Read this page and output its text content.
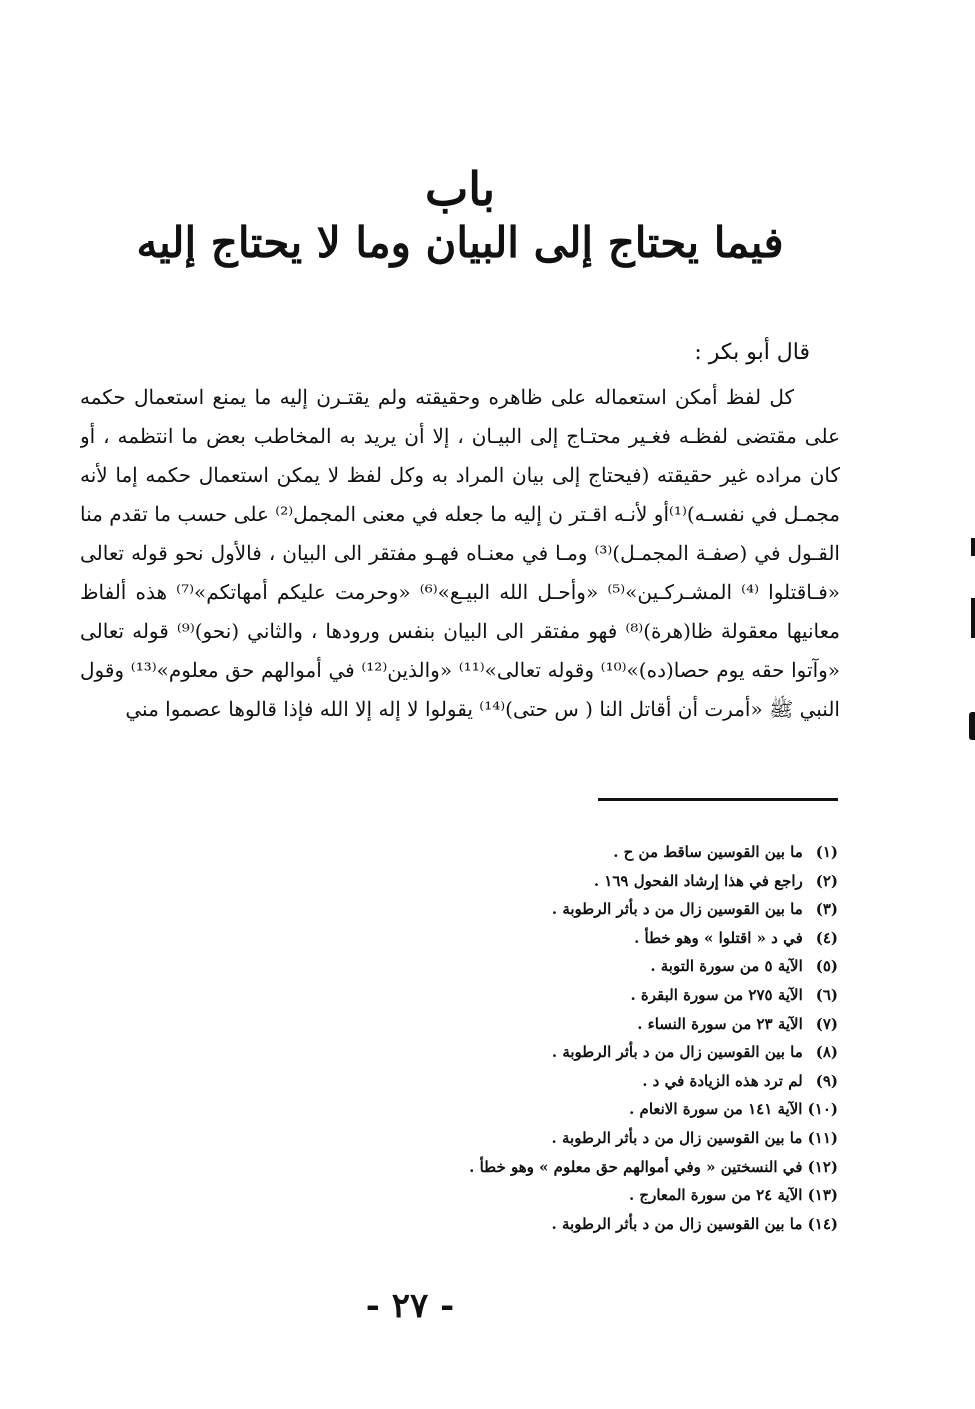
باب
فيما يحتاج إلى البيان وما لا يحتاج إليه
قال أبو بكر :
كل لفظ أمكن استعماله على ظاهره وحقيقته ولم يقتـرن إليه ما يمنع استعمال حكمه
على مقتضى لفظـه فغـير محتـاج إلى البيـان ، إلا أن يريد به المخاطب بعض ما انتظمه ، أو
كان مراده غير حقيقته (فيحتاج إلى بيان المراد به وكل لفظ لا يمكن استعمال حكمه إما لأنه
مجمـل في نفسـه)⁽¹⁾أو لأنـه اقـتر ن إليه ما جعله في معنى المجمل⁽²⁾ على حسب ما تقدم منا
القـول في (صفـة المجمـل)⁽³⁾ ومـا في معنـاه فهـو مفتقر الى البيان ، فالأول نحو قوله تعالى
«فـاقتلوا ⁽⁴⁾ المشـركـين»⁽⁵⁾ «وأحـل الله البيـع»⁽⁶⁾ «وحرمت عليكم أمهاتكم»⁽⁷⁾ هذه ألفاظ
معانيها معقولة ظا(هرة)⁽⁸⁾ فهو مفتقر الى البيان بنفس ورودها ، والثاني (نحو)⁽⁹⁾ قوله تعالى
«وآتوا حقه يوم حصا(ده)»⁽¹⁰⁾ وقوله تعالى»⁽¹¹⁾ «والذين⁽¹²⁾ في أموالهم حق معلوم»⁽¹³⁾ وقول
النبي ﷺ «أمرت أن أقاتل النا ( س حتى)⁽¹⁴⁾ يقولوا لا إله إلا الله فإذا قالوها عصموا مني
(١) ما بين القوسين ساقط من ح .
(٢) راجع في هذا إرشاد الفحول ١٦٩ .
(٣) ما بين القوسين زال من د بأثر الرطوبة .
(٤) في د « اقتلوا » وهو خطأ .
(٥) الآية ٥ من سورة التوبة .
(٦) الآية ٢٧٥ من سورة البقرة .
(٧) الآية ٢٣ من سورة النساء .
(٨) ما بين القوسين زال من د بأثر الرطوبة .
(٩) لم ترد هذه الزيادة في د .
(١٠) الآية ١٤١ من سورة الانعام .
(١١) ما بين القوسين زال من د بأثر الرطوبة .
(١٢) في النسختين « وفي أموالهم حق معلوم » وهو خطأ .
(١٣) الآية ٢٤ من سورة المعارج .
(١٤) ما بين القوسين زال من د بأثر الرطوبة .
- ٢٧ -
